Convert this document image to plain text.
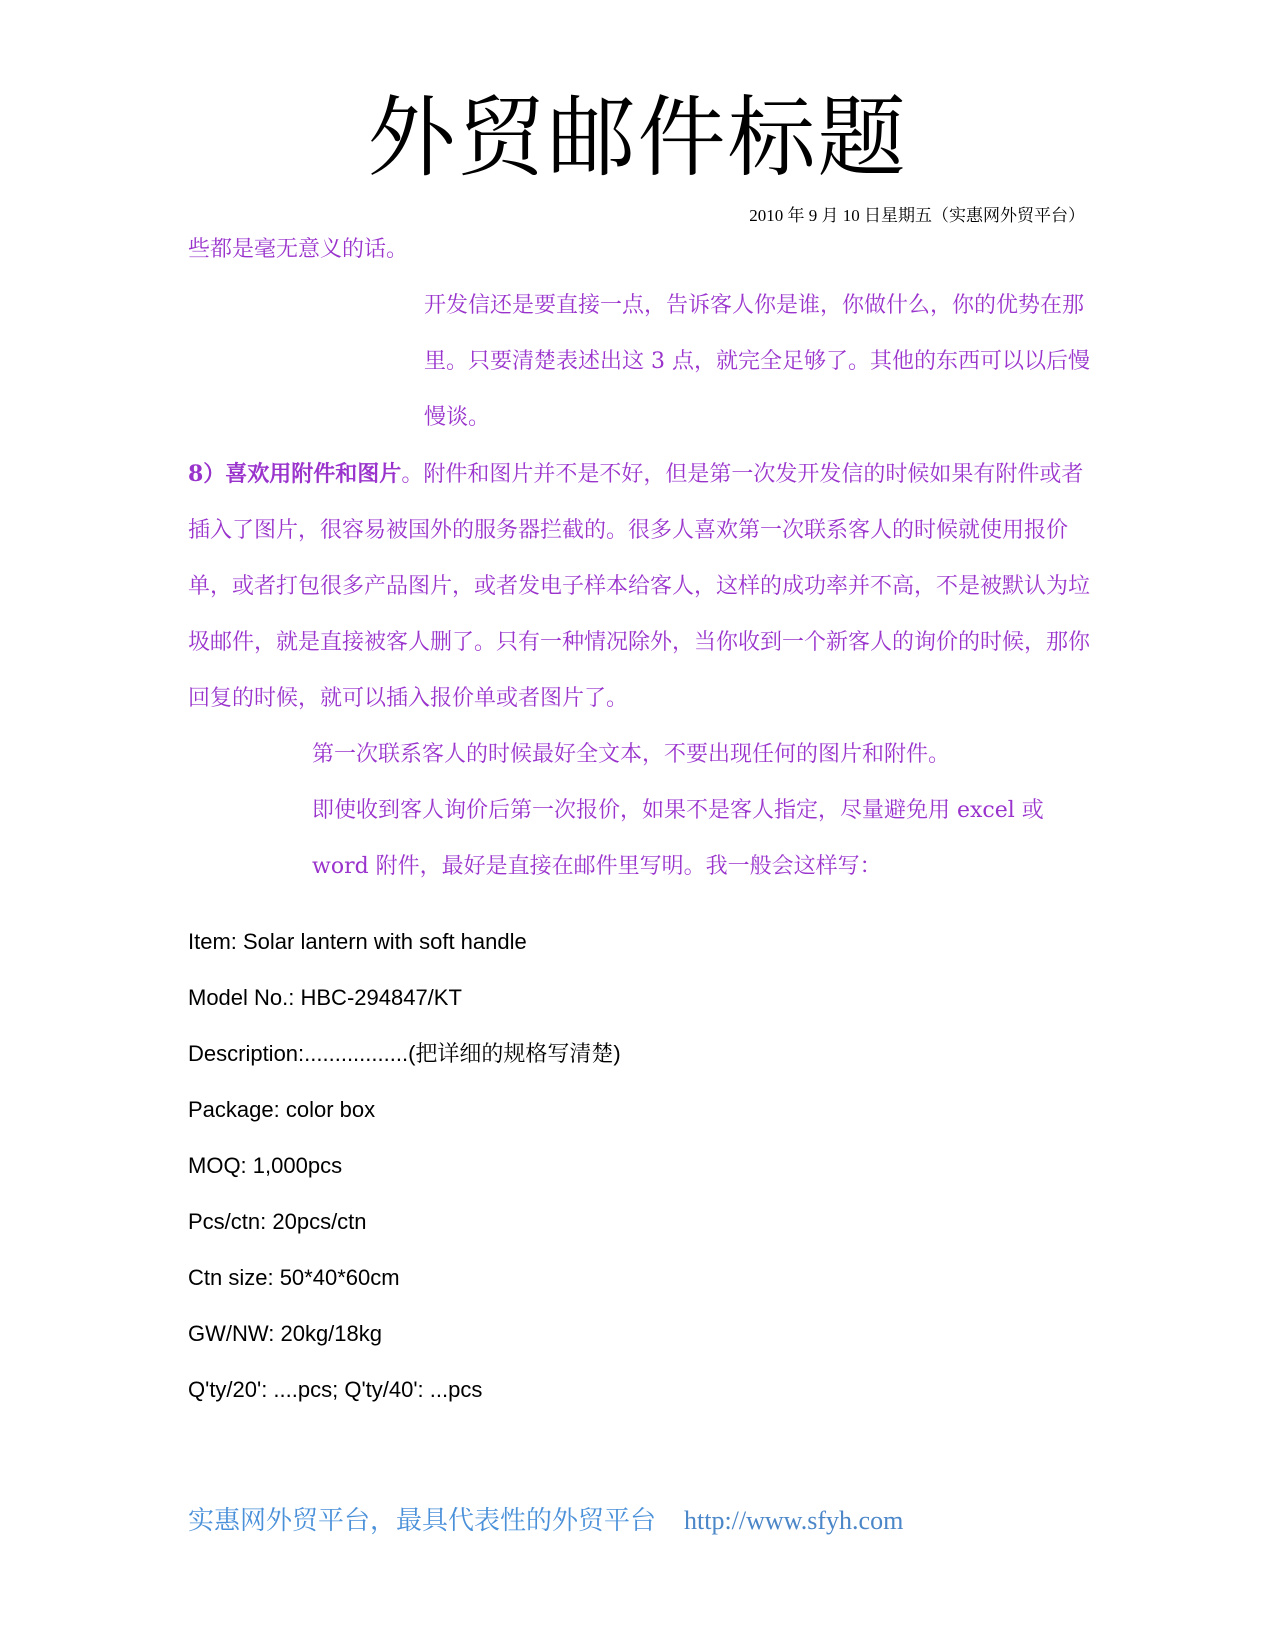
外贸邮件标题
2010 年 9 月 10 日星期五（实惠网外贸平台）

些都是毫无意义的话。

开发信还是要直接一点，告诉客人你是谁，你做什么，你的优势在那里。只要清楚表述出这 3 点，就完全足够了。其他的东西可以以后慢慢谈。

8）喜欢用附件和图片。附件和图片并不是不好，但是第一次发开发信的时候如果有附件或者插入了图片，很容易被国外的服务器拦截的。很多人喜欢第一次联系客人的时候就使用报价单，或者打包很多产品图片，或者发电子样本给客人，这样的成功率并不高，不是被默认为垃圾邮件，就是直接被客人删了。只有一种情况除外，当你收到一个新客人的询价的时候，那你回复的时候，就可以插入报价单或者图片了。

第一次联系客人的时候最好全文本，不要出现任何的图片和附件。

即使收到客人询价后第一次报价，如果不是客人指定，尽量避免用 excel 或 word 附件，最好是直接在邮件里写明。我一般会这样写：

Item: Solar lantern with soft handle

Model No.: HBC-294847/KT

Description:.................(把详细的规格写清楚)

Package: color box

MOQ: 1,000pcs

Pcs/ctn: 20pcs/ctn

Ctn size: 50*40*60cm

GW/NW: 20kg/18kg

Q'ty/20': ....pcs; Q'ty/40': ...pcs

实惠网外贸平台，最具代表性的外贸平台 http://www.sfyh.com
